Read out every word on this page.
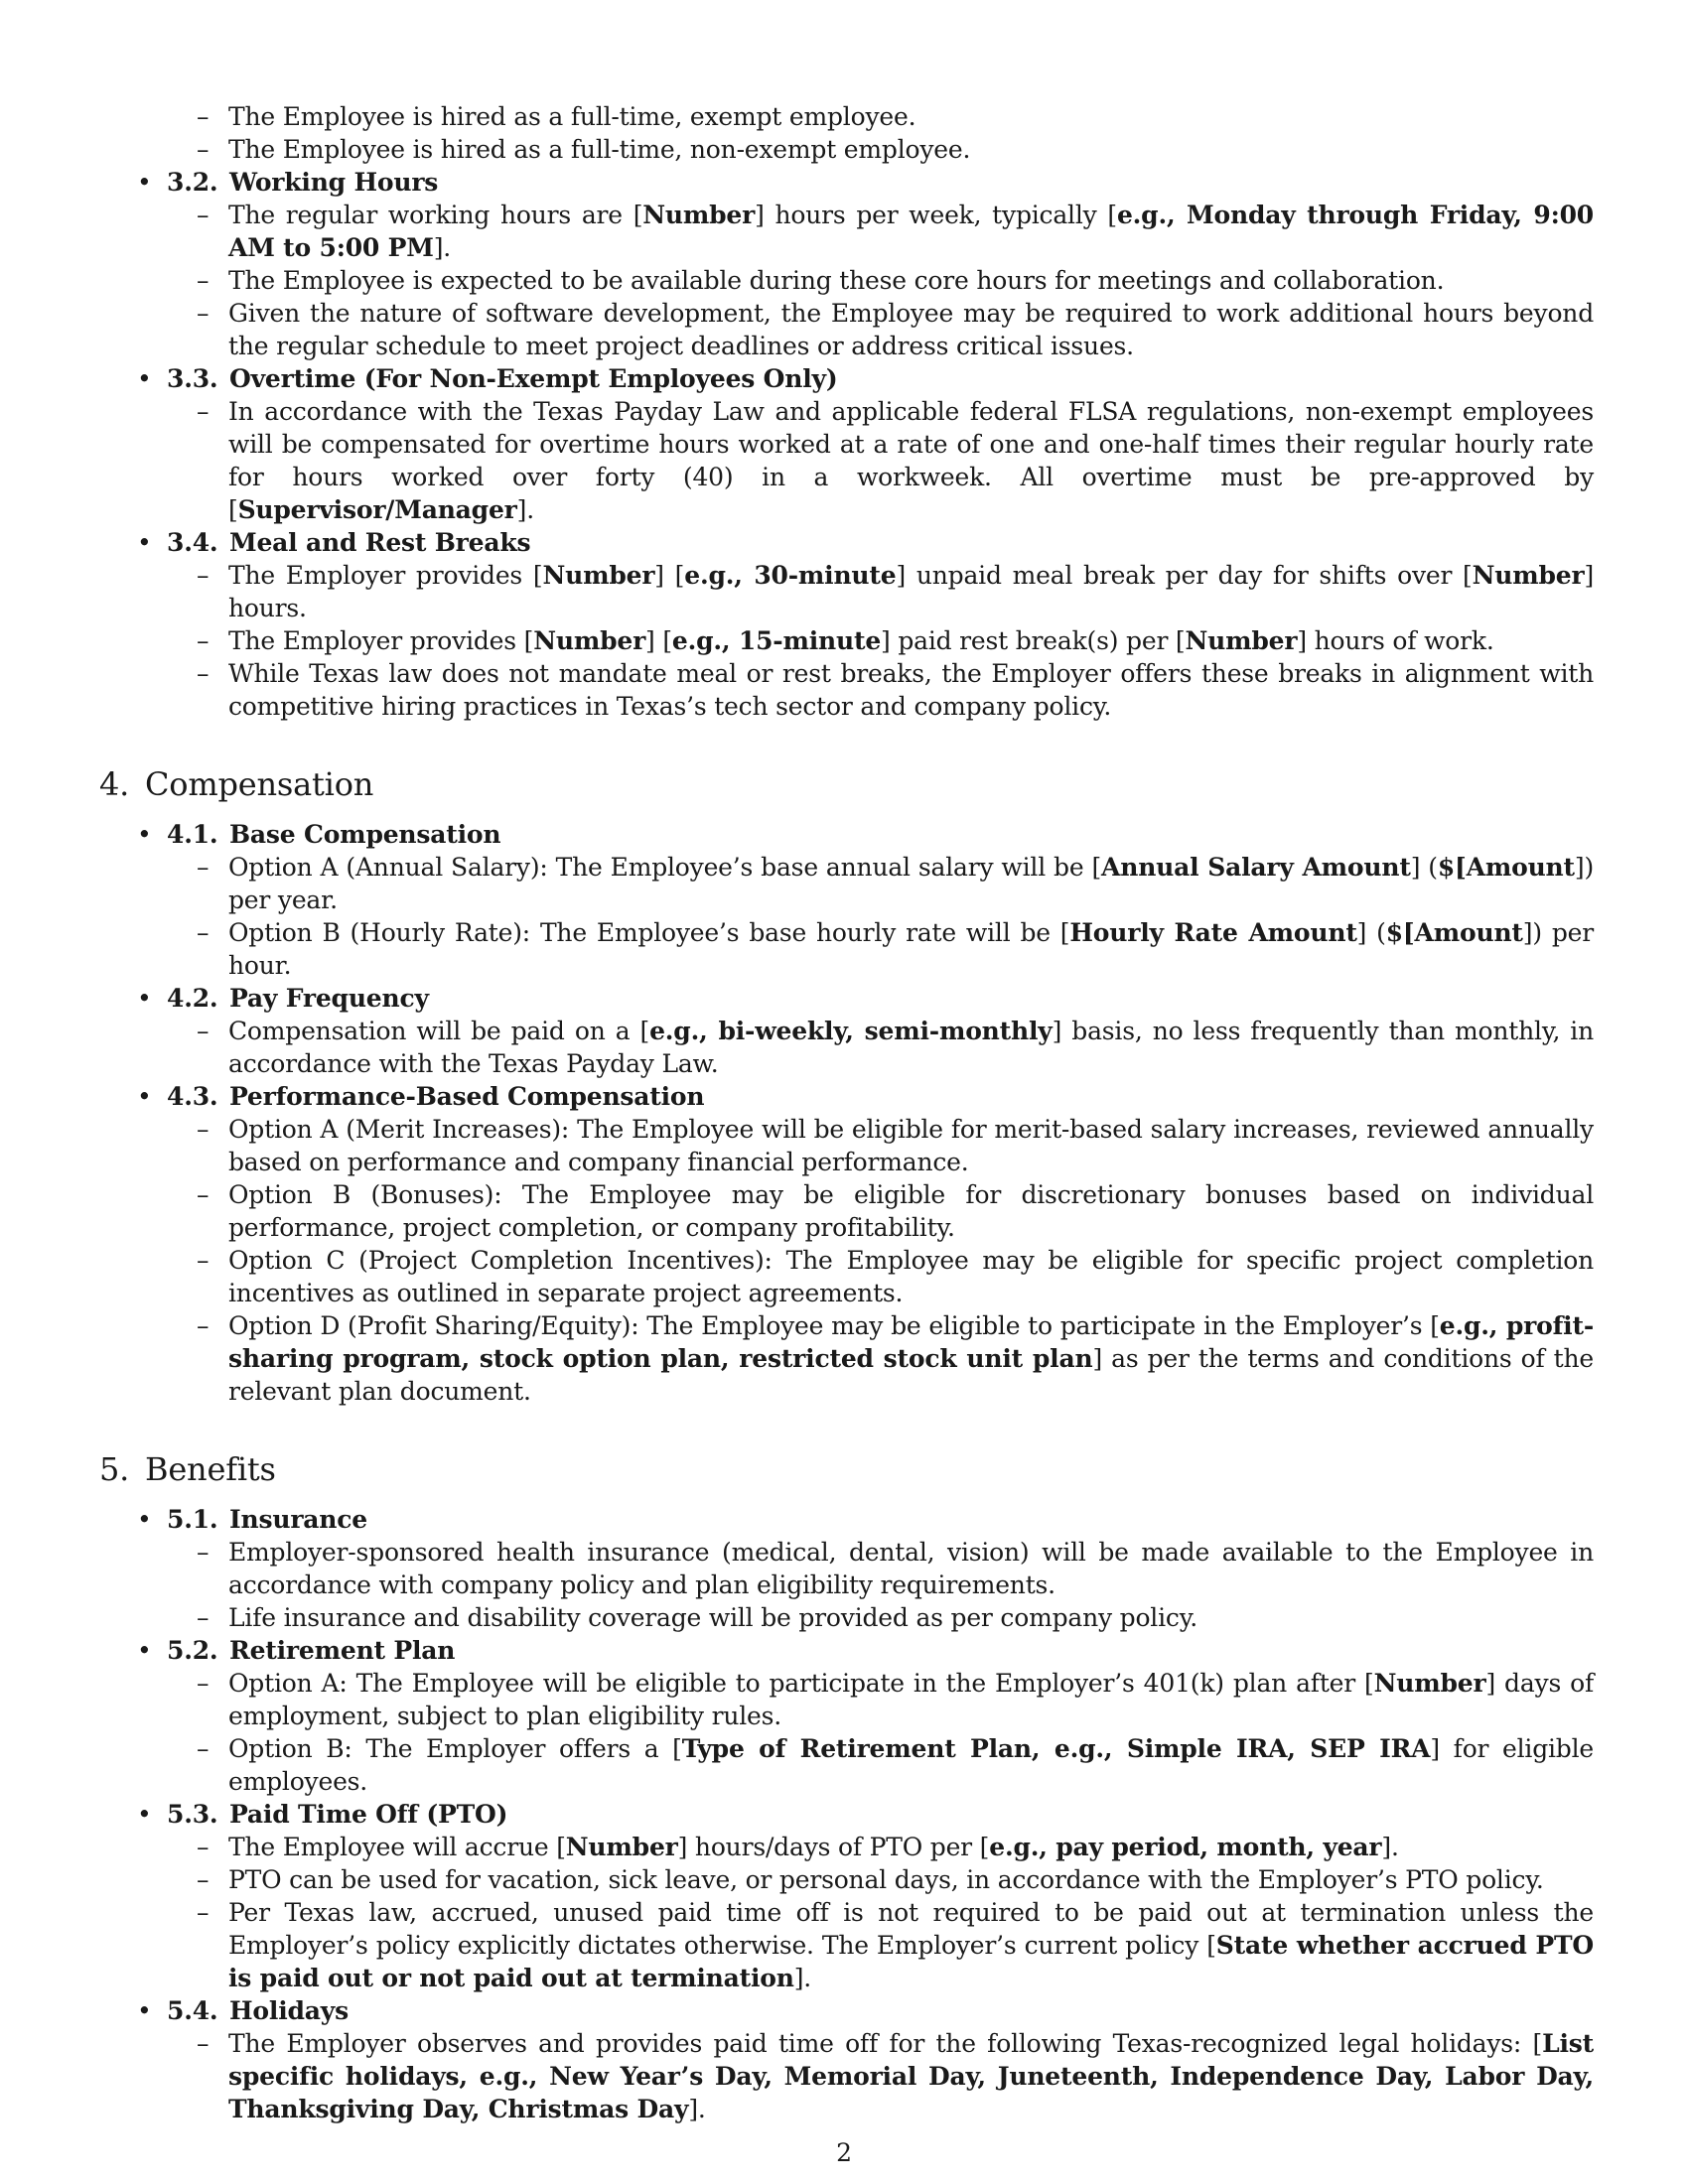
– The Employee is hired as a full-time, exempt employee.
– The Employee is hired as a full-time, non-exempt employee.
• 3.2. Working Hours
– The regular working hours are [Number] hours per week, typically [e.g., Monday through Friday, 9:00 AM to 5:00 PM].
– The Employee is expected to be available during these core hours for meetings and collaboration.
– Given the nature of software development, the Employee may be required to work additional hours beyond the regular schedule to meet project deadlines or address critical issues.
• 3.3. Overtime (For Non-Exempt Employees Only)
– In accordance with the Texas Payday Law and applicable federal FLSA regulations, non-exempt employees will be compensated for overtime hours worked at a rate of one and one-half times their regular hourly rate for hours worked over forty (40) in a workweek. All overtime must be pre-approved by [Supervisor/Manager].
• 3.4. Meal and Rest Breaks
– The Employer provides [Number] [e.g., 30-minute] unpaid meal break per day for shifts over [Number] hours.
– The Employer provides [Number] [e.g., 15-minute] paid rest break(s) per [Number] hours of work.
– While Texas law does not mandate meal or rest breaks, the Employer offers these breaks in alignment with competitive hiring practices in Texas’s tech sector and company policy.
4. Compensation
• 4.1. Base Compensation
– Option A (Annual Salary): The Employee’s base annual salary will be [Annual Salary Amount] ($[Amount]) per year.
– Option B (Hourly Rate): The Employee’s base hourly rate will be [Hourly Rate Amount] ($[Amount]) per hour.
• 4.2. Pay Frequency
– Compensation will be paid on a [e.g., bi-weekly, semi-monthly] basis, no less frequently than monthly, in accordance with the Texas Payday Law.
• 4.3. Performance-Based Compensation
– Option A (Merit Increases): The Employee will be eligible for merit-based salary increases, reviewed annually based on performance and company financial performance.
– Option B (Bonuses): The Employee may be eligible for discretionary bonuses based on individual performance, project completion, or company profitability.
– Option C (Project Completion Incentives): The Employee may be eligible for specific project completion incentives as outlined in separate project agreements.
– Option D (Profit Sharing/Equity): The Employee may be eligible to participate in the Employer’s [e.g., profit-sharing program, stock option plan, restricted stock unit plan] as per the terms and conditions of the relevant plan document.
5. Benefits
• 5.1. Insurance
– Employer-sponsored health insurance (medical, dental, vision) will be made available to the Employee in accordance with company policy and plan eligibility requirements.
– Life insurance and disability coverage will be provided as per company policy.
• 5.2. Retirement Plan
– Option A: The Employee will be eligible to participate in the Employer’s 401(k) plan after [Number] days of employment, subject to plan eligibility rules.
– Option B: The Employer offers a [Type of Retirement Plan, e.g., Simple IRA, SEP IRA] for eligible employees.
• 5.3. Paid Time Off (PTO)
– The Employee will accrue [Number] hours/days of PTO per [e.g., pay period, month, year].
– PTO can be used for vacation, sick leave, or personal days, in accordance with the Employer’s PTO policy.
– Per Texas law, accrued, unused paid time off is not required to be paid out at termination unless the Employer’s policy explicitly dictates otherwise. The Employer’s current policy [State whether accrued PTO is paid out or not paid out at termination].
• 5.4. Holidays
– The Employer observes and provides paid time off for the following Texas-recognized legal holidays: [List specific holidays, e.g., New Year’s Day, Memorial Day, Juneteenth, Independence Day, Labor Day, Thanksgiving Day, Christmas Day].
2
